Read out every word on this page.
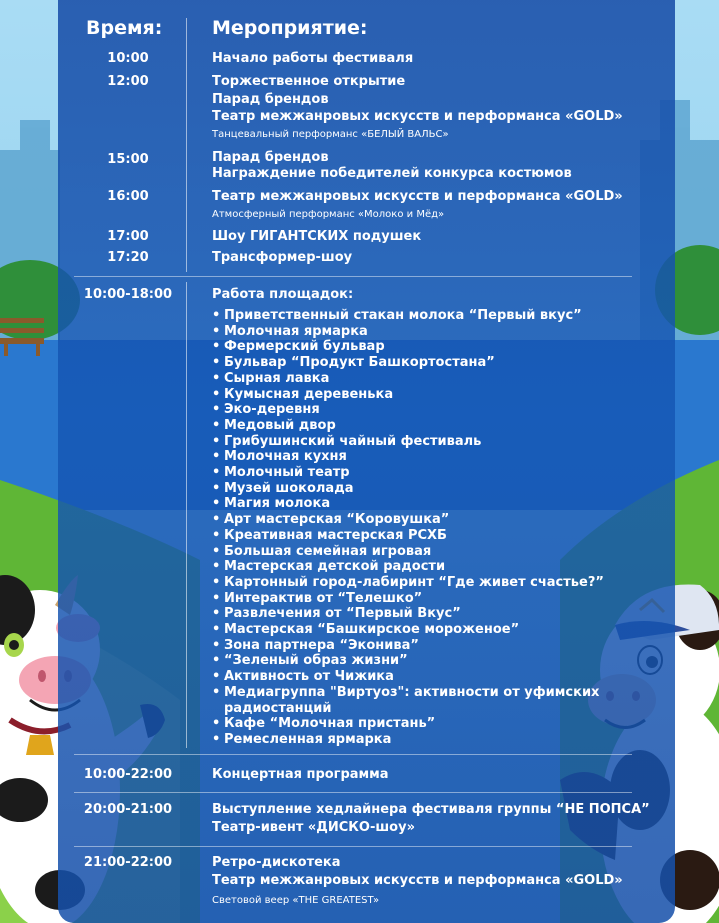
Время:	Мероприятие:
10:00	Начало работы фестиваля
12:00	Торжественное открытие
Парад брендов
Театр межжанровых искусств и перформанса «GOLD»
Танцевальный перформанс «БЕЛЫЙ ВАЛЬС»
15:00	Парад брендов
Награждение победителей конкурса костюмов
16:00	Театр межжанровых искусств и перформанса «GOLD»
Атмосферный перформанс «Молоко и Мёд»
17:00	Шоу ГИГАНТСКИХ подушек
17:20	Трансформер-шоу
10:00-18:00	Работа площадок:
• Приветственный стакан молока “Первый вкус”
• Молочная ярмарка
• Фермерский бульвар
• Бульвар “Продукт Башкортостана”
• Сырная лавка
• Кумысная деревенька
• Эко-деревня
• Медовый двор
• Грибушинский чайный фестиваль
• Молочная кухня
• Молочный театр
• Музей шоколада
• Магия молока
• Арт мастерская “Коровушка”
• Креативная мастерская РСХБ
• Большая семейная игровая
• Мастерская детской радости
• Картонный город-лабиринт “Где живет счастье?”
• Интерактив от “Телешко”
• Развлечения от “Первый Вкус”
• Мастерская “Башкирское мороженое”
• Зона партнера “Эконива”
• “Зеленый образ жизни”
• Активность от Чижика
• Медиагруппа "Виртуоз": активности от уфимских
радиостанций
• Кафе “Молочная пристань”
• Ремесленная ярмарка
10:00-22:00	Концертная программа
20:00-21:00	Выступление хедлайнера фестиваля группы “НЕ ПОПСА”
Театр-ивент «ДИСКО-шоу»
21:00-22:00	Ретро-дискотека
Театр межжанровых искусств и перформанса «GOLD»
Световой веер «THE GREATEST»
